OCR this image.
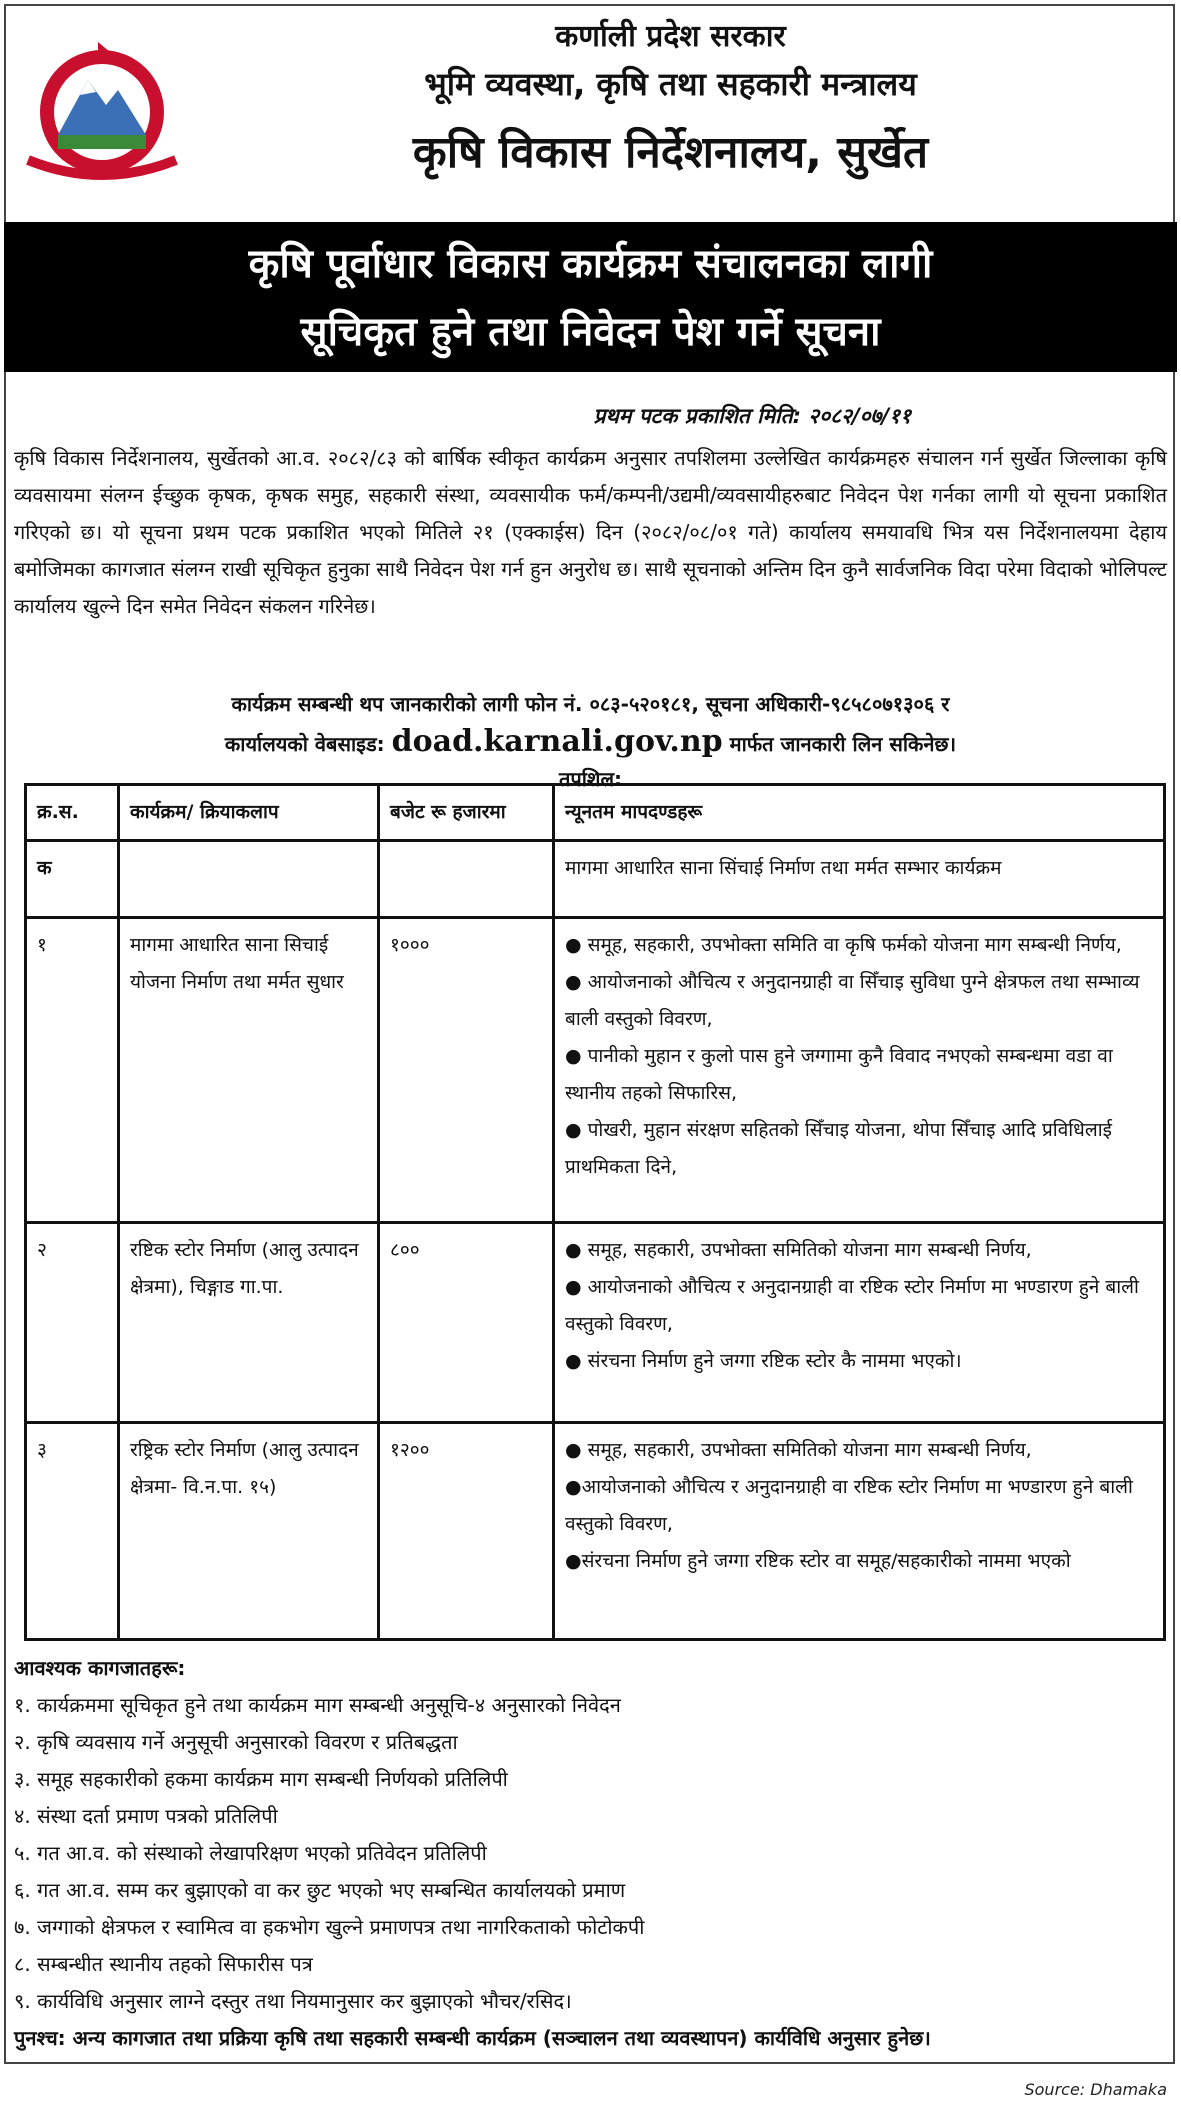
कर्णाली प्रदेश सरकार
भूमि व्यवस्था, कृषि तथा सहकारी मन्त्रालय
कृषि विकास निर्देशनालय, सुर्खेत
कृषि पूर्वाधार विकास कार्यक्रम संचालनका लागी
सूचिकृत हुने तथा निवेदन पेश गर्ने सूचना
प्रथम पटक प्रकाशित मिति: २०८२/०७/११
कृषि विकास निर्देशनालय, सुर्खेतको आ.व. २०८२/८३ को बार्षिक स्वीकृत कार्यक्रम अनुसार तपशिलमा उल्लेखित कार्यक्रमहरु संचालन गर्न सुर्खेत जिल्लाका कृषि व्यवसायमा संलग्न ईच्छुक कृषक, कृषक समुह, सहकारी संस्था, व्यवसायीक फर्म/कम्पनी/उद्यमी/व्यवसायीहरुबाट निवेदन पेश गर्नका लागी यो सूचना प्रकाशित गरिएको छ। यो सूचना प्रथम पटक प्रकाशित भएको मितिले २१ (एक्काईस) दिन (२०८२/०८/०१ गते) कार्यालय समयावधि भित्र यस निर्देशनालयमा देहाय बमोजिमका कागजात संलग्न राखी सूचिकृत हुनुका साथै निवेदन पेश गर्न हुन अनुरोध छ। साथै सूचनाको अन्तिम दिन कुनै सार्वजनिक विदा परेमा विदाको भोलिपल्ट कार्यालय खुल्ने दिन समेत निवेदन संकलन गरिनेछ।
कार्यक्रम सम्बन्धी थप जानकारीको लागी फोन नं. ०८३-५२०१८१, सूचना अधिकारी-९८५८०७१३०६ र
कार्यालयको वेबसाइड: doad.karnali.gov.np मार्फत जानकारी लिन सकिनेछ।
तपशिल:
क्र.स.	कार्यक्रम/ क्रियाकलाप	बजेट रू हजारमा	न्यूनतम मापदण्डहरू
क			मागमा आधारित साना सिंचाई निर्माण तथा मर्मत सम्भार कार्यक्रम

१	मागमा आधारित साना सिचाई योजना निर्माण तथा मर्मत सुधार	१०००	● समूह, सहकारी, उपभोक्ता समिति वा कृषि फर्मको योजना माग सम्बन्धी निर्णय,
● आयोजनाको औचित्य र अनुदानग्राही वा सिँचाइ सुविधा पुग्ने क्षेत्रफल तथा सम्भाव्य बाली वस्तुको विवरण,
● पानीको मुहान र कुलो पास हुने जग्गामा कुनै विवाद नभएको सम्बन्धमा वडा वा स्थानीय तहको सिफारिस,
● पोखरी, मुहान संरक्षण सहितको सिँचाइ योजना, थोपा सिँचाइ आदि प्रविधिलाई प्राथमिकता दिने,

२	रष्टिक स्टोर निर्माण (आलु उत्पादन क्षेत्रमा), चिङ्गाड गा.पा.	८००	● समूह, सहकारी, उपभोक्ता समितिको योजना माग सम्बन्धी निर्णय,
● आयोजनाको औचित्य र अनुदानग्राही वा रष्टिक स्टोर निर्माण मा भण्डारण हुने बाली वस्तुको विवरण,
● संरचना निर्माण हुने जग्गा रष्टिक स्टोर कै नाममा भएको।

३	रष्ट्रिक स्टोर निर्माण (आलु उत्पादन क्षेत्रमा- वि.न.पा. १५)	१२००	● समूह, सहकारी, उपभोक्ता समितिको योजना माग सम्बन्धी निर्णय,
●आयोजनाको औचित्य र अनुदानग्राही वा रष्टिक स्टोर निर्माण मा भण्डारण हुने बाली वस्तुको विवरण,
●संरचना निर्माण हुने जग्गा रष्टिक स्टोर वा समूह/सहकारीको नाममा भएको
आवश्यक कागजातहरू:
१. कार्यक्रममा सूचिकृत हुने तथा कार्यक्रम माग सम्बन्धी अनुसूचि-४ अनुसारको निवेदन
२. कृषि व्यवसाय गर्ने अनुसूची अनुसारको विवरण र प्रतिबद्धता
३. समूह सहकारीको हकमा कार्यक्रम माग सम्बन्धी निर्णयको प्रतिलिपी
४. संस्था दर्ता प्रमाण पत्रको प्रतिलिपी
५. गत आ.व. को संस्थाको लेखापरिक्षण भएको प्रतिवेदन प्रतिलिपी
६. गत आ.व. सम्म कर बुझाएको वा कर छुट भएको भए सम्बन्धित कार्यालयको प्रमाण
७. जग्गाको क्षेत्रफल र स्वामित्व वा हकभोग खुल्ने प्रमाणपत्र तथा नागरिकताको फोटोकपी
८. सम्बन्धीत स्थानीय तहको सिफारीस पत्र
९. कार्यविधि अनुसार लाग्ने दस्तुर तथा नियमानुसार कर बुझाएको भौचर/रसिद।
पुनश्च: अन्य कागजात तथा प्रक्रिया कृषि तथा सहकारी सम्बन्धी कार्यक्रम (सञ्चालन तथा व्यवस्थापन) कार्यविधि अनुसार हुनेछ।
Source: Dhamaka
